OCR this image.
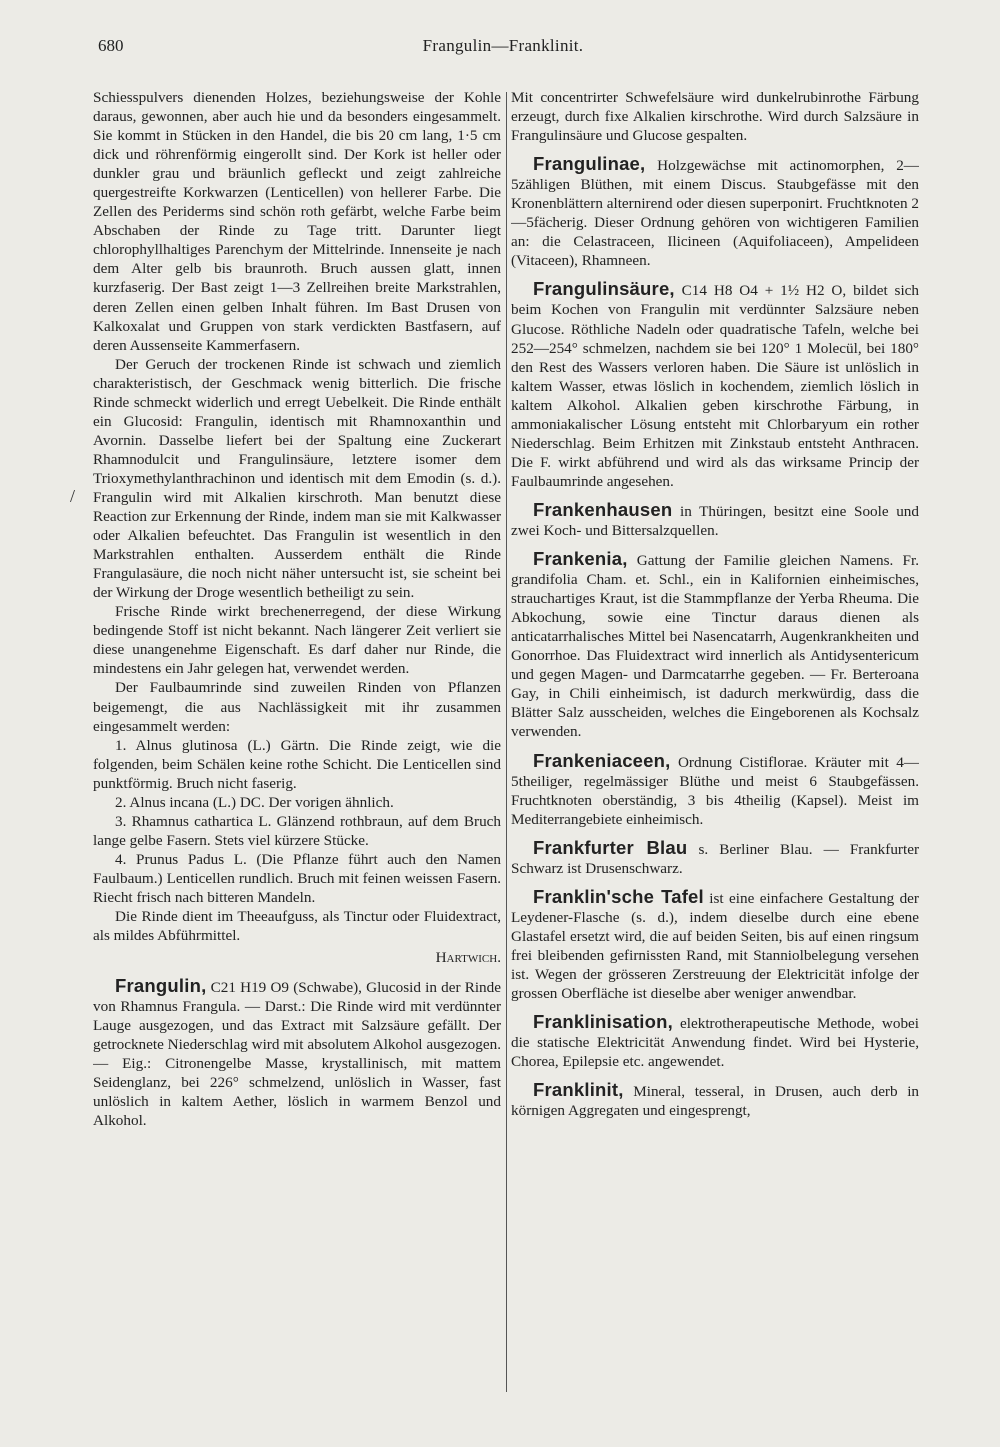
680	Frangulin—Franklinit.
/

Schiesspulvers dienenden Holzes, beziehungsweise der Kohle daraus, gewonnen, aber auch hie und da besonders eingesammelt. Sie kommt in Stücken in den Handel, die bis 20 cm lang, 1·5 cm dick und röhrenförmig eingerollt sind. Der Kork ist heller oder dunkler grau und bräunlich gefleckt und zeigt zahlreiche quergestreifte Korkwarzen (Lenticellen) von hellerer Farbe. Die Zellen des Periderms sind schön roth gefärbt, welche Farbe beim Abschaben der Rinde zu Tage tritt. Darunter liegt chlorophyllhaltiges Parenchym der Mittelrinde. Innenseite je nach dem Alter gelb bis braunroth. Bruch aussen glatt, innen kurzfaserig. Der Bast zeigt 1—3 Zellreihen breite Markstrahlen, deren Zellen einen gelben Inhalt führen. Im Bast Drusen von Kalkoxalat und Gruppen von stark verdickten Bastfasern, auf deren Aussenseite Kammerfasern.

Der Geruch der trockenen Rinde ist schwach und ziemlich charakteristisch, der Geschmack wenig bitterlich. Die frische Rinde schmeckt widerlich und erregt Uebelkeit. Die Rinde enthält ein Glucosid: Frangulin, identisch mit Rhamnoxanthin und Avornin. Dasselbe liefert bei der Spaltung eine Zuckerart Rhamnodulcit und Frangulinsäure, letztere isomer dem Trioxymethylanthrachinon und identisch mit dem Emodin (s. d.). Frangulin wird mit Alkalien kirschroth. Man benutzt diese Reaction zur Erkennung der Rinde, indem man sie mit Kalkwasser oder Alkalien befeuchtet. Das Frangulin ist wesentlich in den Markstrahlen enthalten. Ausserdem enthält die Rinde Frangulasäure, die noch nicht näher untersucht ist, sie scheint bei der Wirkung der Droge wesentlich betheiligt zu sein.

Frische Rinde wirkt brechenerregend, der diese Wirkung bedingende Stoff ist nicht bekannt. Nach längerer Zeit verliert sie diese unangenehme Eigenschaft. Es darf daher nur Rinde, die mindestens ein Jahr gelegen hat, verwendet werden.

Der Faulbaumrinde sind zuweilen Rinden von Pflanzen beigemengt, die aus Nachlässigkeit mit ihr zusammen eingesammelt werden:

1. Alnus glutinosa (L.) Gärtn. Die Rinde zeigt, wie die folgenden, beim Schälen keine rothe Schicht. Die Lenticellen sind punktförmig. Bruch nicht faserig.

2. Alnus incana (L.) DC. Der vorigen ähnlich.

3. Rhamnus cathartica L. Glänzend rothbraun, auf dem Bruch lange gelbe Fasern. Stets viel kürzere Stücke.

4. Prunus Padus L. (Die Pflanze führt auch den Namen Faulbaum.) Lenticellen rundlich. Bruch mit feinen weissen Fasern. Riecht frisch nach bitteren Mandeln.

Die Rinde dient im Theeaufguss, als Tinctur oder Fluidextract, als mildes Abführmittel.

Hartwich.

Frangulin, C21 H19 O9 (Schwabe), Glucosid in der Rinde von Rhamnus Frangula. — Darst.: Die Rinde wird mit verdünnter Lauge ausgezogen, und das Extract mit Salzsäure gefällt. Der getrocknete Niederschlag wird mit absolutem Alkohol ausgezogen. — Eig.: Citronengelbe Masse, krystallinisch, mit mattem Seidenglanz, bei 226° schmelzend, unlöslich in Wasser, fast unlöslich in kaltem Aether, löslich in warmem Benzol und Alkohol.

Mit concentrirter Schwefelsäure wird dunkelrubinrothe Färbung erzeugt, durch fixe Alkalien kirschrothe. Wird durch Salzsäure in Frangulinsäure und Glucose gespalten.

Frangulinae, Holzgewächse mit actinomorphen, 2—5zähligen Blüthen, mit einem Discus. Staubgefässe mit den Kronenblättern alternirend oder diesen superponirt. Fruchtknoten 2—5fächerig. Dieser Ordnung gehören von wichtigeren Familien an: die Celastraceen, Ilicineen (Aquifoliaceen), Ampelideen (Vitaceen), Rhamneen.

Frangulinsäure, C14 H8 O4 + 1½ H2 O, bildet sich beim Kochen von Frangulin mit verdünnter Salzsäure neben Glucose. Röthliche Nadeln oder quadratische Tafeln, welche bei 252—254° schmelzen, nachdem sie bei 120° 1 Molecül, bei 180° den Rest des Wassers verloren haben. Die Säure ist unlöslich in kaltem Wasser, etwas löslich in kochendem, ziemlich löslich in kaltem Alkohol. Alkalien geben kirschrothe Färbung, in ammoniakalischer Lösung entsteht mit Chlorbaryum ein rother Niederschlag. Beim Erhitzen mit Zinkstaub entsteht Anthracen. Die F. wirkt abführend und wird als das wirksame Princip der Faulbaumrinde angesehen.

Frankenhausen in Thüringen, besitzt eine Soole und zwei Koch- und Bittersalzquellen.

Frankenia, Gattung der Familie gleichen Namens. Fr. grandifolia Cham. et. Schl., ein in Kalifornien einheimisches, strauchartiges Kraut, ist die Stammpflanze der Yerba Rheuma. Die Abkochung, sowie eine Tinctur daraus dienen als anticatarrhalisches Mittel bei Nasencatarrh, Augenkrankheiten und Gonorrhoe. Das Fluidextract wird innerlich als Antidysentericum und gegen Magen- und Darmcatarrhe gegeben. — Fr. Berteroana Gay, in Chili einheimisch, ist dadurch merkwürdig, dass die Blätter Salz ausscheiden, welches die Eingeborenen als Kochsalz verwenden.

Frankeniaceen, Ordnung Cistiflorae. Kräuter mit 4—5theiliger, regelmässiger Blüthe und meist 6 Staubgefässen. Fruchtknoten oberständig, 3 bis 4theilig (Kapsel). Meist im Mediterrangebiete einheimisch.

Frankfurter Blau s. Berliner Blau. — Frankfurter Schwarz ist Drusenschwarz.

Franklin'sche Tafel ist eine einfachere Gestaltung der Leydener-Flasche (s. d.), indem dieselbe durch eine ebene Glastafel ersetzt wird, die auf beiden Seiten, bis auf einen ringsum frei bleibenden gefirnissten Rand, mit Stanniolbelegung versehen ist. Wegen der grösseren Zerstreuung der Elektricität infolge der grossen Oberfläche ist dieselbe aber weniger anwendbar.

Franklinisation, elektrotherapeutische Methode, wobei die statische Elektricität Anwendung findet. Wird bei Hysterie, Chorea, Epilepsie etc. angewendet.

Franklinit, Mineral, tesseral, in Drusen, auch derb in körnigen Aggregaten und eingesprengt,
